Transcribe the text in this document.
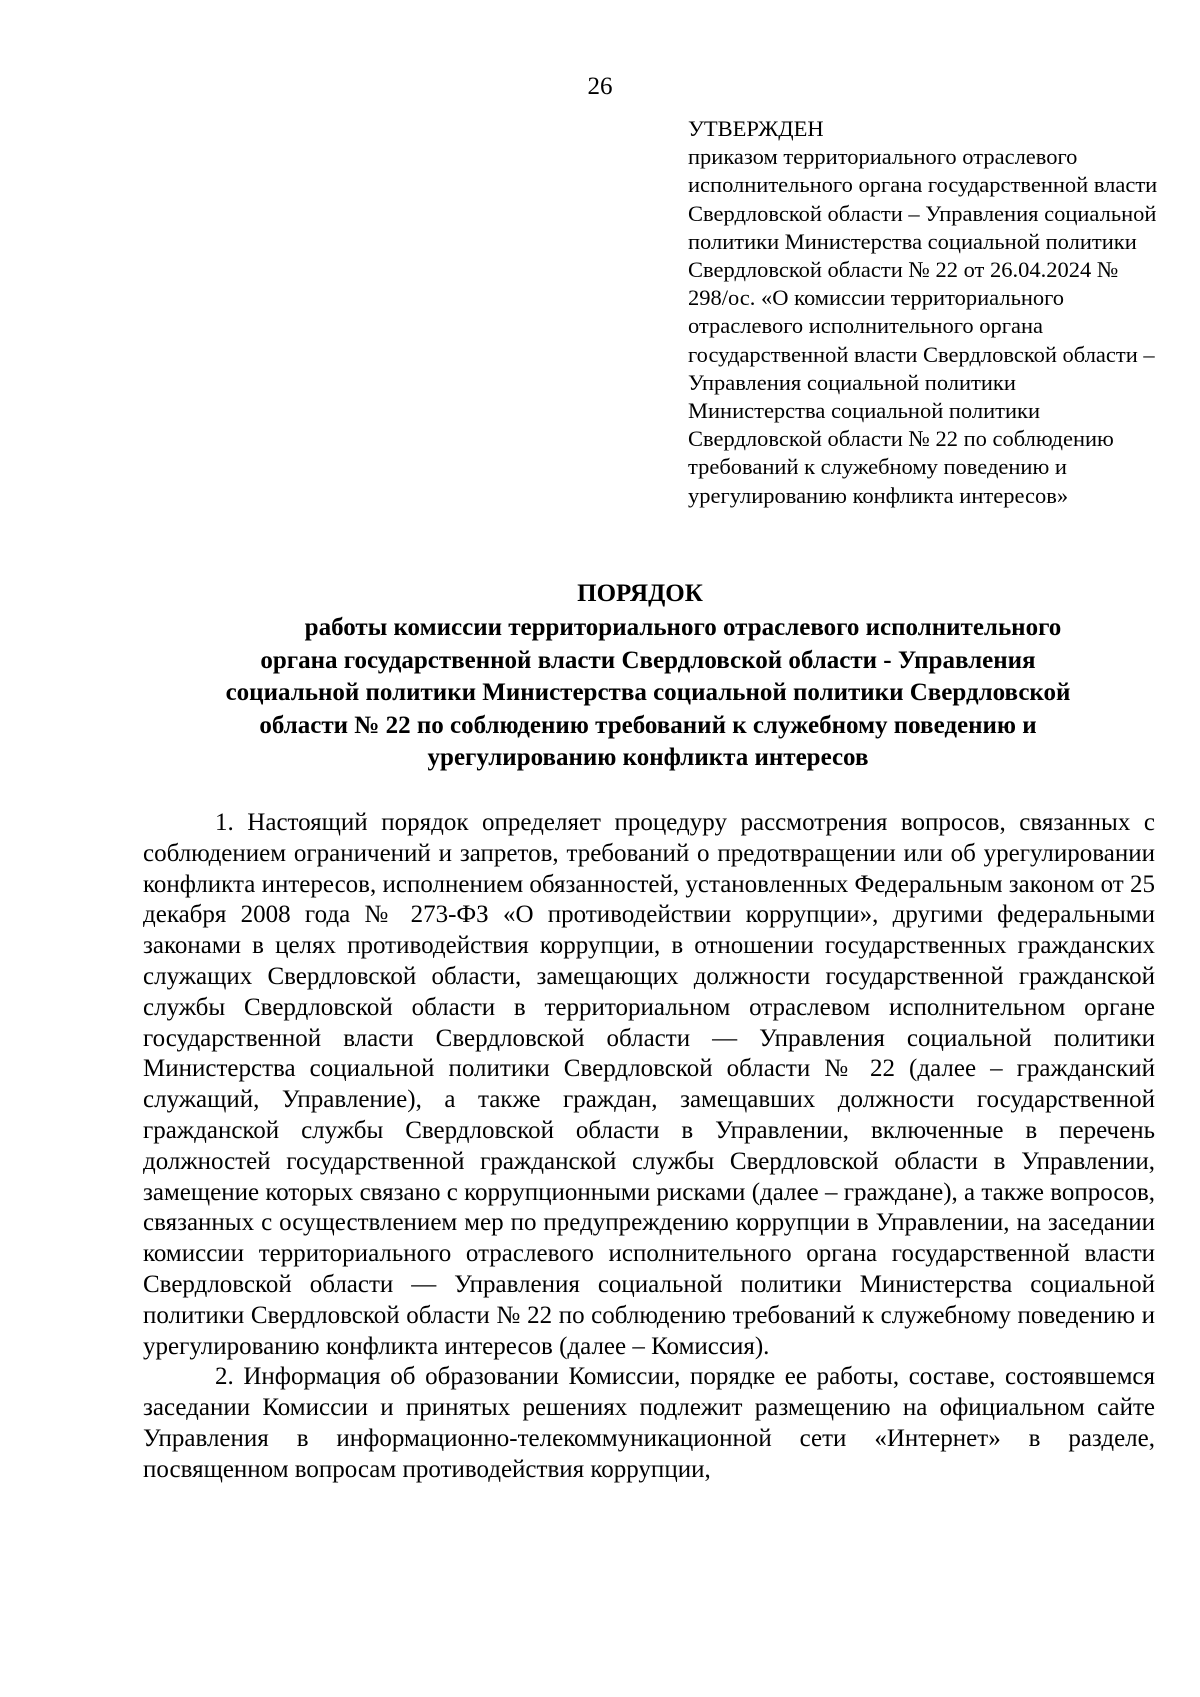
26
УТВЕРЖДЕН
приказом территориального отраслевого исполнительного органа государственной власти Свердловской области – Управления социальной политики Министерства социальной политики Свердловской области № 22 от 26.04.2024 № 298/ос. «О комиссии территориального отраслевого исполнительного органа государственной власти Свердловской области – Управления социальной политики Министерства социальной политики Свердловской области № 22 по соблюдению требований к служебному поведению и урегулированию конфликта интересов»
ПОРЯДОК
работы комиссии территориального отраслевого исполнительного
органа государственной власти Свердловской области - Управления
социальной политики Министерства социальной политики Свердловской
области № 22 по соблюдению требований к служебному поведению и
урегулированию конфликта интересов

1. Настоящий порядок определяет процедуру рассмотрения вопросов, связанных с соблюдением ограничений и запретов, требований о предотвращении или об урегулировании конфликта интересов, исполнением обязанностей, установленных Федеральным законом от 25 декабря 2008 года № 273-ФЗ «О противодействии коррупции», другими федеральными законами в целях противодействия коррупции, в отношении государственных гражданских служащих Свердловской области, замещающих должности государственной гражданской службы Свердловской области в территориальном отраслевом исполнительном органе государственной власти Свердловской области — Управления социальной политики Министерства социальной политики Свердловской области № 22 (далее – гражданский служащий, Управление), а также граждан, замещавших должности государственной гражданской службы Свердловской области в Управлении, включенные в перечень должностей государственной гражданской службы Свердловской области в Управлении, замещение которых связано с коррупционными рисками (далее – граждане), а также вопросов, связанных с осуществлением мер по предупреждению коррупции в Управлении, на заседании комиссии территориального отраслевого исполнительного органа государственной власти Свердловской области — Управления социальной политики Министерства социальной политики Свердловской области № 22 по соблюдению требований к служебному поведению и урегулированию конфликта интересов (далее – Комиссия).

2. Информация об образовании Комиссии, порядке ее работы, составе, состоявшемся заседании Комиссии и принятых решениях подлежит размещению на официальном сайте Управления в информационно-телекоммуникационной сети «Интернет» в разделе, посвященном вопросам противодействия коррупции,
